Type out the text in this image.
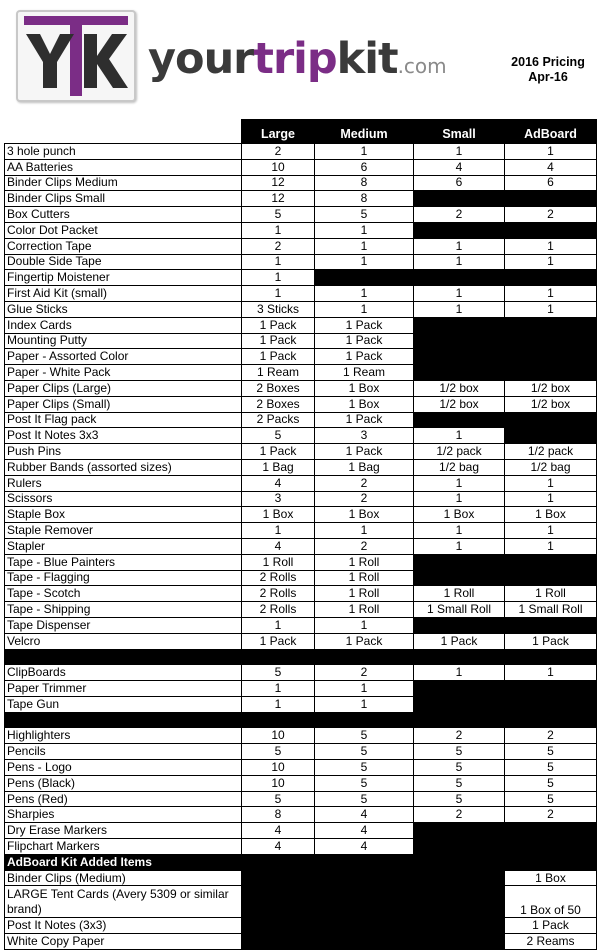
yourtripkit.com	2016 Pricing
Apr-16
	Large	Medium	Small	AdBoard
3 hole punch	2	1	1	1
AA Batteries	10	6	4	4
Binder Clips Medium	12	8	6	6
Binder Clips Small	12	8		
Box Cutters	5	5	2	2
Color Dot Packet	1	1		
Correction Tape	2	1	1	1
Double Side Tape	1	1	1	1
Fingertip Moistener	1			
First Aid Kit (small)	1	1	1	1
Glue Sticks	3 Sticks	1	1	1
Index Cards	1 Pack	1 Pack		
Mounting Putty	1 Pack	1 Pack		
Paper - Assorted Color	1 Pack	1 Pack		
Paper - White Pack	1 Ream	1 Ream		
Paper Clips (Large)	2 Boxes	1 Box	1/2 box	1/2 box
Paper Clips (Small)	2 Boxes	1 Box	1/2 box	1/2 box
Post It Flag pack	2 Packs	1 Pack		
Post It Notes 3x3	5	3	1	
Push Pins	1 Pack	1 Pack	1/2 pack	1/2 pack
Rubber Bands (assorted sizes)	1 Bag	1 Bag	1/2 bag	1/2 bag
Rulers	4	2	1	1
Scissors	3	2	1	1
Staple Box	1 Box	1 Box	1 Box	1 Box
Staple Remover	1	1	1	1
Stapler	4	2	1	1
Tape - Blue Painters	1 Roll	1 Roll		
Tape - Flagging	2 Rolls	1 Roll		
Tape - Scotch	2 Rolls	1 Roll	1 Roll	1 Roll
Tape - Shipping	2 Rolls	1 Roll	1 Small Roll	1 Small Roll
Tape Dispenser	1	1		
Velcro	1 Pack	1 Pack	1 Pack	1 Pack

ClipBoards	5	2	1	1
Paper Trimmer	1	1		
Tape Gun	1	1		

Highlighters	10	5	2	2
Pencils	5	5	5	5
Pens - Logo	10	5	5	5
Pens (Black)	10	5	5	5
Pens (Red)	5	5	5	5
Sharpies	8	4	2	2
Dry Erase Markers	4	4		
Flipchart Markers	4	4		
AdBoard Kit Added Items				
Binder Clips (Medium)				1 Box
LARGE Tent Cards (Avery 5309 or similar brand)				1 Box of 50
Post It Notes (3x3)				1 Pack
White Copy Paper				2 Reams
